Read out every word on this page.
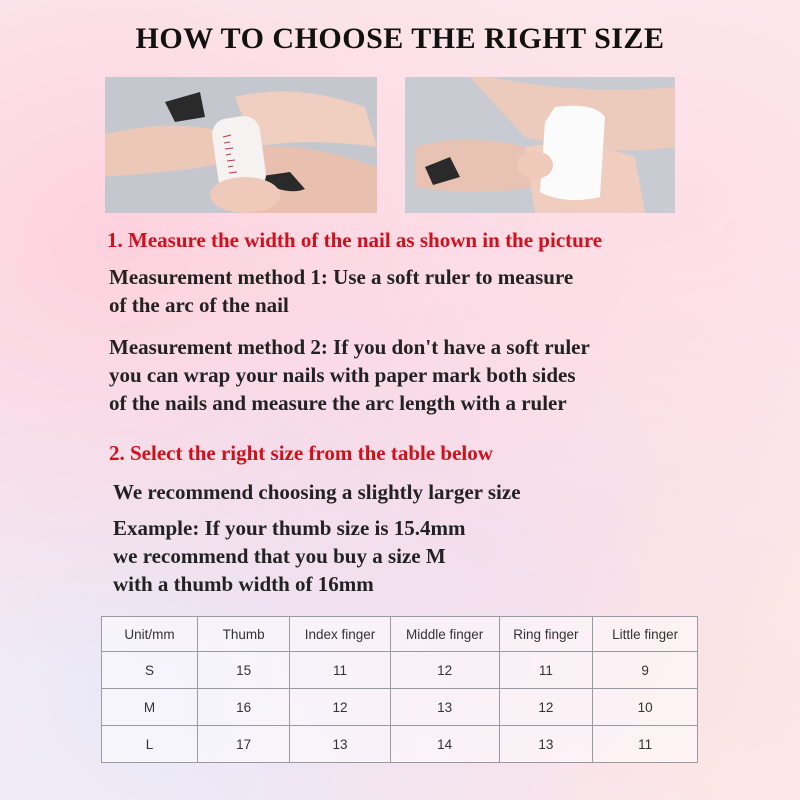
HOW TO CHOOSE THE RIGHT SIZE
1. Measure the width of the nail as shown in the picture
Measurement method 1: Use a soft ruler to measure
of the arc of the nail
Measurement method 2: If you don't have a soft ruler
you can wrap your nails with paper mark both sides
of the nails and measure the arc length with a ruler
2. Select the right size from the table below
We recommend choosing a slightly larger size
Example: If your thumb size is 15.4mm
we recommend that you buy a size M
with a thumb width of 16mm
Unit/mm	Thumb	Index finger	Middle finger	Ring finger	Little finger
S	15	11	12	11	9
M	16	12	13	12	10
L	17	13	14	13	11
